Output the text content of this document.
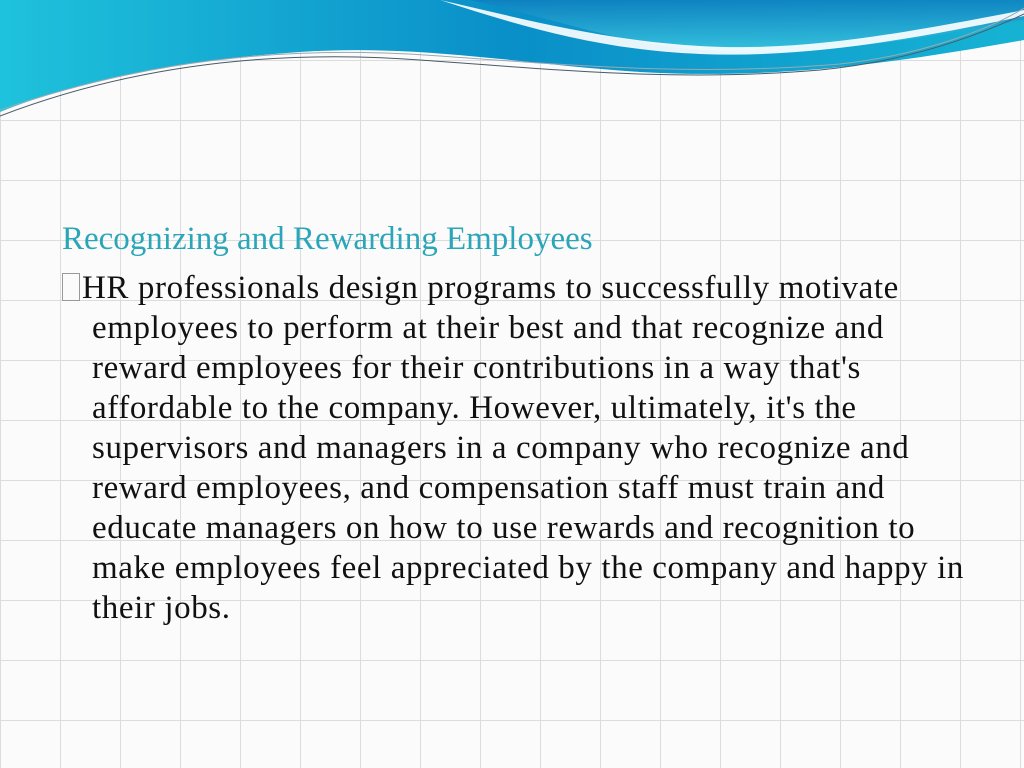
Recognizing and Rewarding Employees

HR professionals design programs to successfully motivate employees to perform at their best and that recognize and reward employees for their contributions in a way that's affordable to the company. However, ultimately, it's the supervisors and managers in a company who recognize and reward employees, and compensation staff must train and educate managers on how to use rewards and recognition to make employees feel appreciated by the company and happy in their jobs.
